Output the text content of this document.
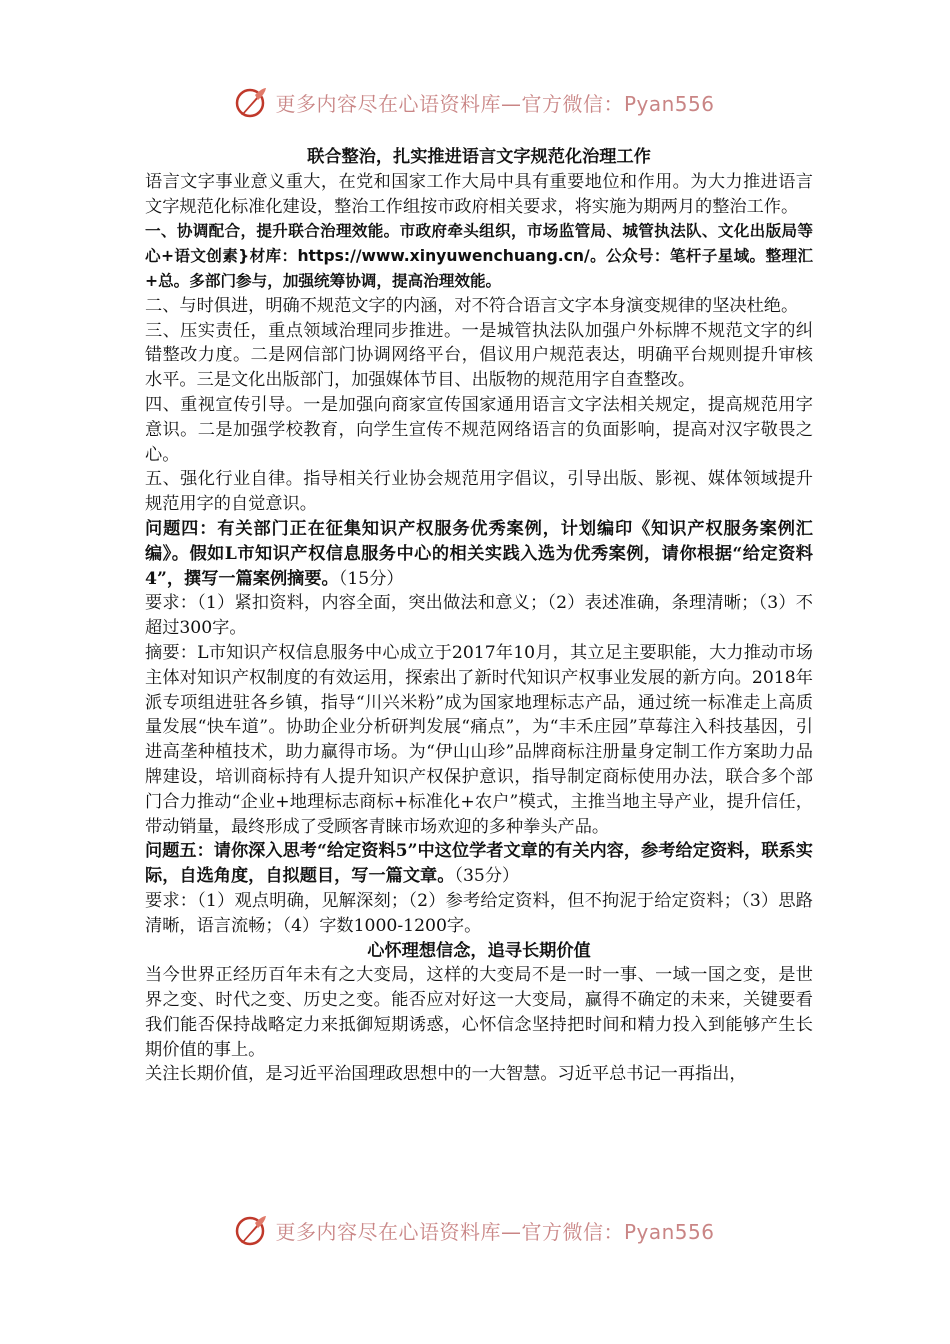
更多内容尽在心语资料库—官方微信：Pyan556

联合整治，扎实推进语言文字规范化治理工作

语言文字事业意义重大，在党和国家工作大局中具有重要地位和作用。为大力推进语言文字规范化标准化建设，整治工作组按市政府相关要求，将实施为期两月的整治工作。

一、协调配合，提升联合治理效能。市政府牵头组织，市场监管局、城管执法队、文化出版局等心+语文创素}材库：https://www.xinyuwenchuang.cn/。公众号：笔杆子星域。整理汇+总。多部门参与，加强统筹协调，提高治理效能。

二、与时俱进，明确不规范文字的内涵，对不符合语言文字本身演变规律的坚决杜绝。

三、压实责任，重点领域治理同步推进。一是城管执法队加强户外标牌不规范文字的纠错整改力度。二是网信部门协调网络平台，倡议用户规范表达，明确平台规则提升审核水平。三是文化出版部门，加强媒体节目、出版物的规范用字自查整改。

四、重视宣传引导。一是加强向商家宣传国家通用语言文字法相关规定，提高规范用字意识。二是加强学校教育，向学生宣传不规范网络语言的负面影响，提高对汉字敬畏之心。

五、强化行业自律。指导相关行业协会规范用字倡议，引导出版、影视、媒体领域提升规范用字的自觉意识。

问题四：有关部门正在征集知识产权服务优秀案例，计划编印《知识产权服务案例汇编》。假如L市知识产权信息服务中心的相关实践入选为优秀案例，请你根据“给定资料4”，撰写一篇案例摘要。（15分）

要求：（1）紧扣资料，内容全面，突出做法和意义；（2）表述准确，条理清晰；（3）不超过300字。

摘要：L市知识产权信息服务中心成立于2017年10月，其立足主要职能，大力推动市场主体对知识产权制度的有效运用，探索出了新时代知识产权事业发展的新方向。2018年派专项组进驻各乡镇，指导“川兴米粉”成为国家地理标志产品，通过统一标准走上高质量发展“快车道”。协助企业分析研判发展“痛点”，为“丰禾庄园”草莓注入科技基因，引进高垄种植技术，助力赢得市场。为“伊山山珍”品牌商标注册量身定制工作方案助力品牌建设，培训商标持有人提升知识产权保护意识，指导制定商标使用办法，联合多个部门合力推动“企业+地理标志商标+标准化+农户”模式，主推当地主导产业，提升信任，带动销量，最终形成了受顾客青睐市场欢迎的多种拳头产品。

问题五：请你深入思考“给定资料5”中这位学者文章的有关内容，参考给定资料，联系实际，自选角度，自拟题目，写一篇文章。（35分）

要求：（1）观点明确，见解深刻；（2）参考给定资料，但不拘泥于给定资料；（3）思路清晰，语言流畅；（4）字数1000-1200字。

心怀理想信念，追寻长期价值

当今世界正经历百年未有之大变局，这样的大变局不是一时一事、一域一国之变，是世界之变、时代之变、历史之变。能否应对好这一大变局，赢得不确定的未来，关键要看我们能否保持战略定力来抵御短期诱惑，心怀信念坚持把时间和精力投入到能够产生长期价值的事上。

关注长期价值，是习近平治国理政思想中的一大智慧。习近平总书记一再指出，

更多内容尽在心语资料库—官方微信：Pyan556
